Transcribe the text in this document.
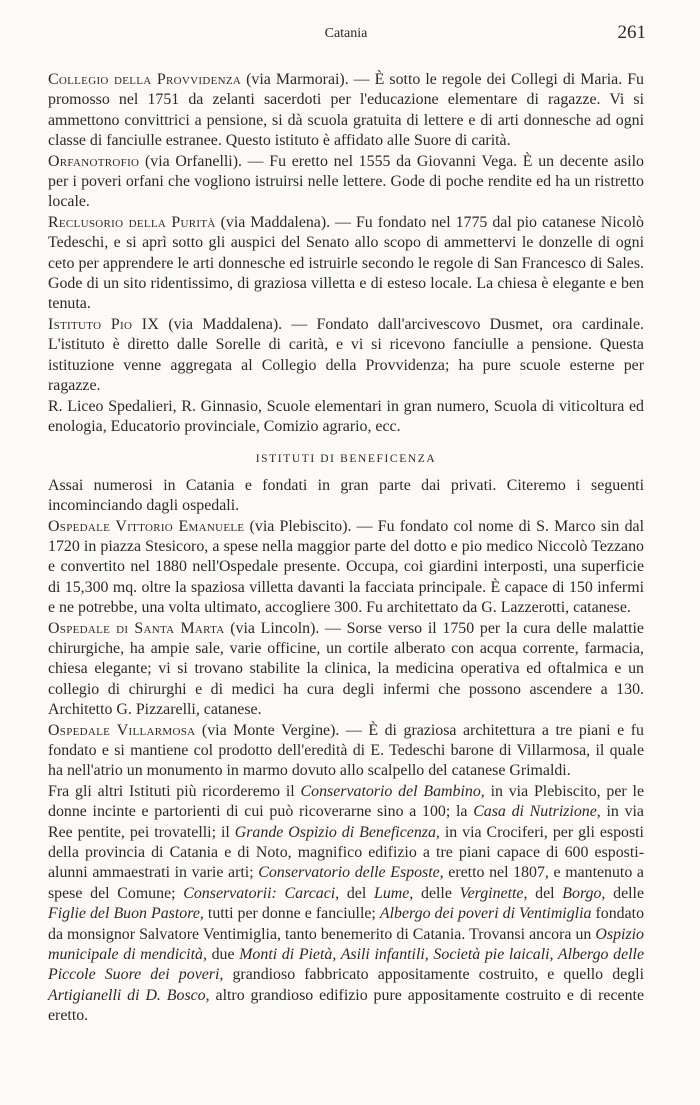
Catania	261

Collegio della Provvidenza (via Marmorai). — È sotto le regole dei Collegi di Maria. Fu promosso nel 1751 da zelanti sacerdoti per l'educazione elementare di ragazze. Vi si ammettono convittrici a pensione, si dà scuola gratuita di lettere e di arti donnesche ad ogni classe di fanciulle estranee. Questo istituto è affidato alle Suore di carità.

Orfanotrofio (via Orfanelli). — Fu eretto nel 1555 da Giovanni Vega. È un decente asilo per i poveri orfani che vogliono istruirsi nelle lettere. Gode di poche rendite ed ha un ristretto locale.

Reclusorio della Purità (via Maddalena). — Fu fondato nel 1775 dal pio catanese Nicolò Tedeschi, e si aprì sotto gli auspici del Senato allo scopo di ammettervi le donzelle di ogni ceto per apprendere le arti donnesche ed istruirle secondo le regole di San Francesco di Sales. Gode di un sito ridentissimo, di graziosa villetta e di esteso locale. La chiesa è elegante e ben tenuta.

Istituto Pio IX (via Maddalena). — Fondato dall'arcivescovo Dusmet, ora cardinale. L'istituto è diretto dalle Sorelle di carità, e vi si ricevono fanciulle a pensione. Questa istituzione venne aggregata al Collegio della Provvidenza; ha pure scuole esterne per ragazze.

R. Liceo Spedalieri, R. Ginnasio, Scuole elementari in gran numero, Scuola di viticoltura ed enologia, Educatorio provinciale, Comizio agrario, ecc.

ISTITUTI DI BENEFICENZA

Assai numerosi in Catania e fondati in gran parte dai privati. Citeremo i seguenti incominciando dagli ospedali.

Ospedale Vittorio Emanuele (via Plebiscito). — Fu fondato col nome di S. Marco sin dal 1720 in piazza Stesicoro, a spese nella maggior parte del dotto e pio medico Niccolò Tezzano e convertito nel 1880 nell'Ospedale presente. Occupa, coi giardini interposti, una superficie di 15,300 mq. oltre la spaziosa villetta davanti la facciata principale. È capace di 150 infermi e ne potrebbe, una volta ultimato, accogliere 300. Fu architettato da G. Lazzerotti, catanese.

Ospedale di Santa Marta (via Lincoln). — Sorse verso il 1750 per la cura delle malattie chirurgiche, ha ampie sale, varie officine, un cortile alberato con acqua corrente, farmacia, chiesa elegante; vi si trovano stabilite la clinica, la medicina operativa ed oftalmica e un collegio di chirurghi e di medici ha cura degli infermi che possono ascendere a 130. Architetto G. Pizzarelli, catanese.

Ospedale Villarmosa (via Monte Vergine). — È di graziosa architettura a tre piani e fu fondato e si mantiene col prodotto dell'eredità di E. Tedeschi barone di Villarmosa, il quale ha nell'atrio un monumento in marmo dovuto allo scalpello del catanese Grimaldi.

Fra gli altri Istituti più ricorderemo il Conservatorio del Bambino, in via Plebiscito, per le donne incinte e partorienti di cui può ricoverarne sino a 100; la Casa di Nutrizione, in via Ree pentite, pei trovatelli; il Grande Ospizio di Beneficenza, in via Crociferi, per gli esposti della provincia di Catania e di Noto, magnifico edifizio a tre piani capace di 600 esposti-alunni ammaestrati in varie arti; Conservatorio delle Esposte, eretto nel 1807, e mantenuto a spese del Comune; Conservatorii: Carcaci, del Lume, delle Verginette, del Borgo, delle Figlie del Buon Pastore, tutti per donne e fanciulle; Albergo dei poveri di Ventimiglia fondato da monsignor Salvatore Ventimiglia, tanto benemerito di Catania. Trovansi ancora un Ospizio municipale di mendicità, due Monti di Pietà, Asili infantili, Società pie laicali, Albergo delle Piccole Suore dei poveri, grandioso fabbricato appositamente costruito, e quello degli Artigianelli di D. Bosco, altro grandioso edifizio pure appositamente costruito e di recente eretto.
